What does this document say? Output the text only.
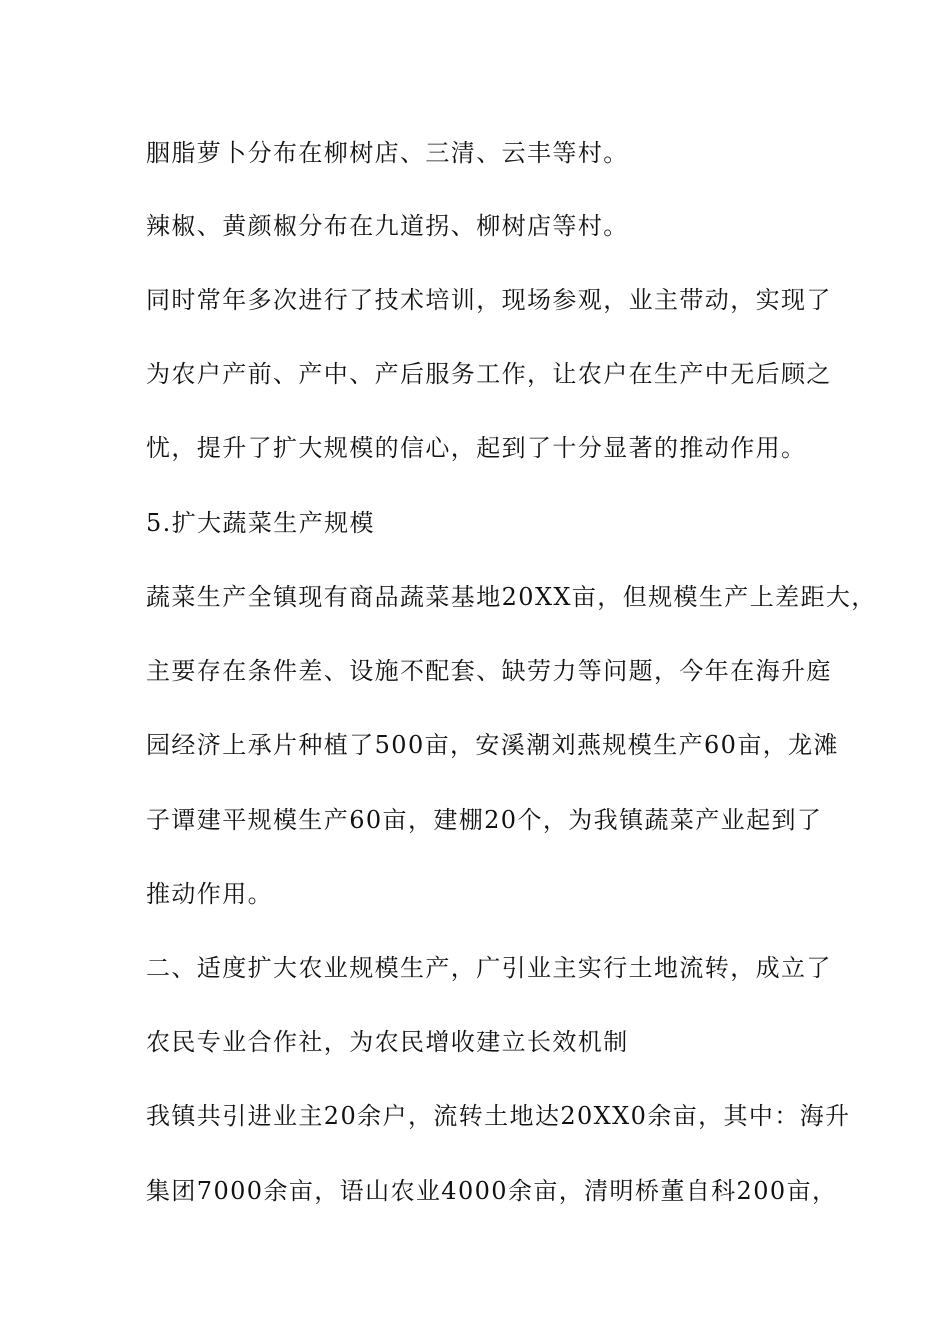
胭脂萝卜分布在柳树店、三清、云丰等村。
辣椒、黄颜椒分布在九道拐、柳树店等村。
同时常年多次进行了技术培训，现场参观，业主带动，实现了
为农户产前、产中、产后服务工作，让农户在生产中无后顾之
忧，提升了扩大规模的信心，起到了十分显著的推动作用。
5.扩大蔬菜生产规模
蔬菜生产全镇现有商品蔬菜基地20XX亩，但规模生产上差距大，
主要存在条件差、设施不配套、缺劳力等问题，今年在海升庭
园经济上承片种植了500亩，安溪潮刘燕规模生产60亩，龙滩
子谭建平规模生产60亩，建棚20个，为我镇蔬菜产业起到了
推动作用。
二、适度扩大农业规模生产，广引业主实行土地流转，成立了
农民专业合作社，为农民增收建立长效机制
我镇共引进业主20余户，流转土地达20XX0余亩，其中：海升
集团7000余亩，语山农业4000余亩，清明桥董自科200亩，
